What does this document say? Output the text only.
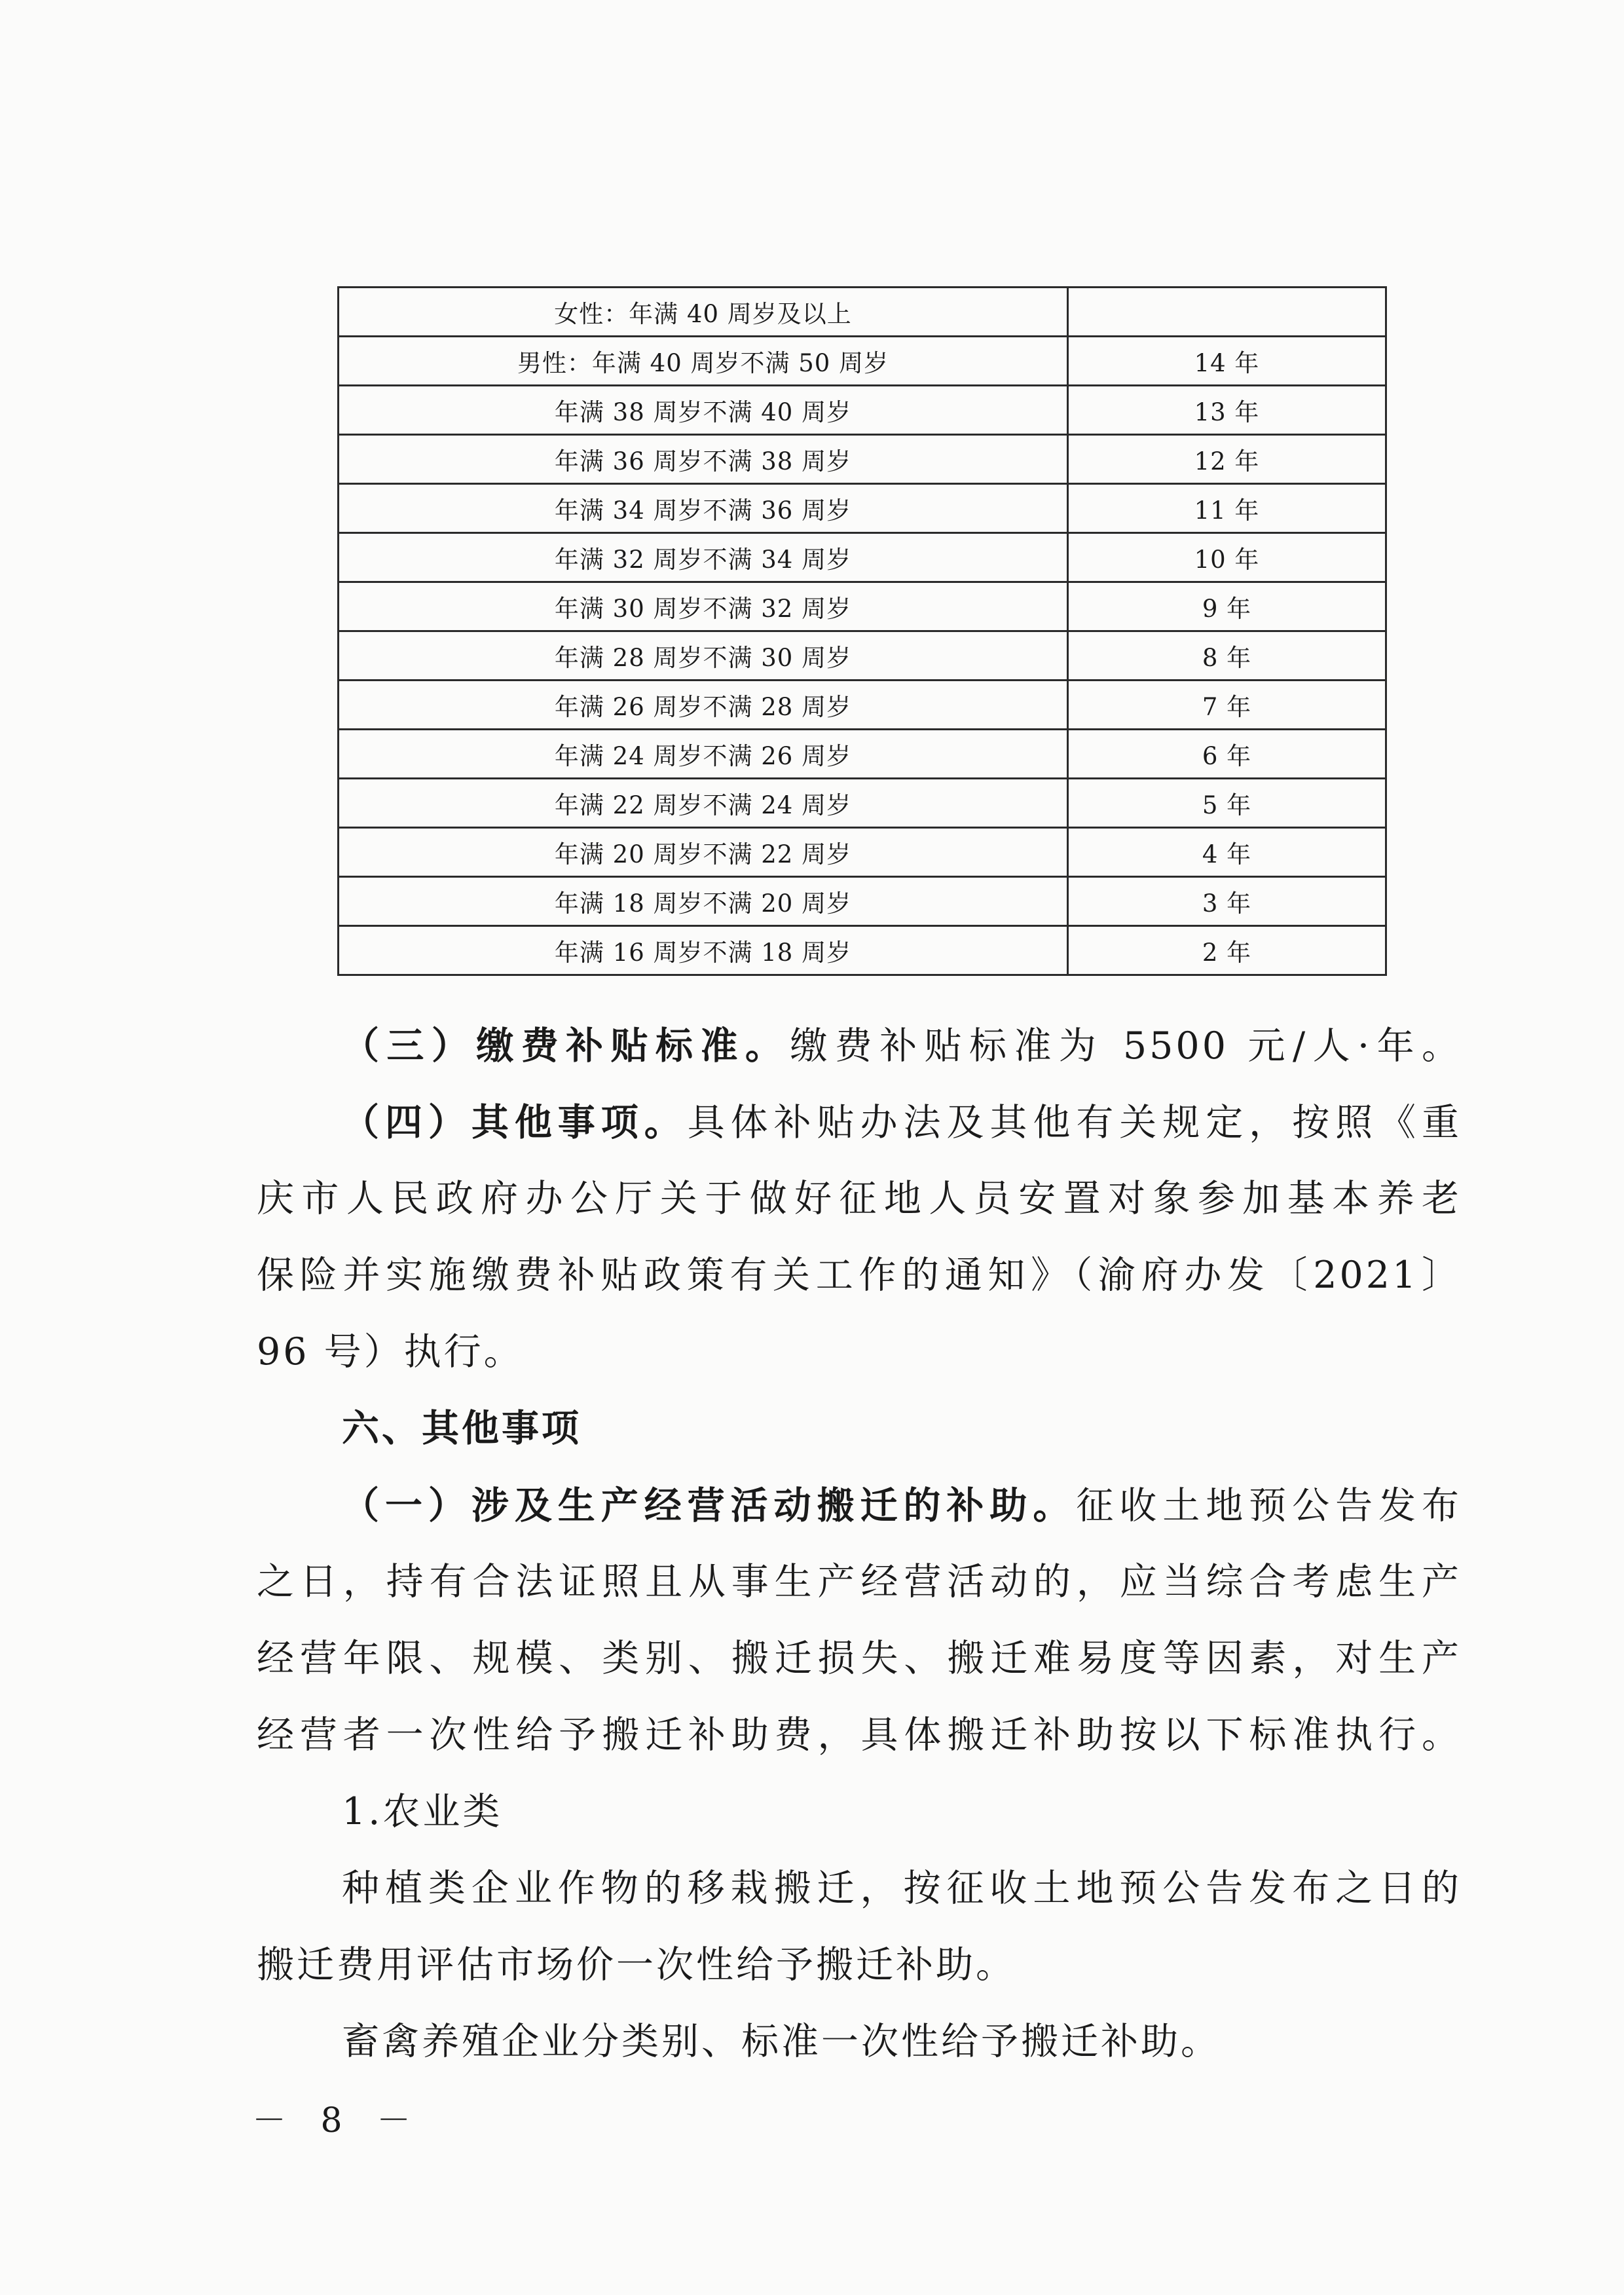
女性：年满 40 周岁及以上	
男性：年满 40 周岁不满 50 周岁	14 年
年满 38 周岁不满 40 周岁	13 年
年满 36 周岁不满 38 周岁	12 年
年满 34 周岁不满 36 周岁	11 年
年满 32 周岁不满 34 周岁	10 年
年满 30 周岁不满 32 周岁	9 年
年满 28 周岁不满 30 周岁	8 年
年满 26 周岁不满 28 周岁	7 年
年满 24 周岁不满 26 周岁	6 年
年满 22 周岁不满 24 周岁	5 年
年满 20 周岁不满 22 周岁	4 年
年满 18 周岁不满 20 周岁	3 年
年满 16 周岁不满 18 周岁	2 年

（三）缴费补贴标准。缴费补贴标准为 5500 元/人·年。

（四）其他事项。具体补贴办法及其他有关规定，按照《重

庆市人民政府办公厅关于做好征地人员安置对象参加基本养老

保险并实施缴费补贴政策有关工作的通知》（渝府办发〔2021〕

96 号）执行。

六、其他事项

（一）涉及生产经营活动搬迁的补助。征收土地预公告发布

之日，持有合法证照且从事生产经营活动的，应当综合考虑生产

经营年限、规模、类别、搬迁损失、搬迁难易度等因素，对生产

经营者一次性给予搬迁补助费，具体搬迁补助按以下标准执行。

1.农业类

种植类企业作物的移栽搬迁，按征收土地预公告发布之日的

搬迁费用评估市场价一次性给予搬迁补助。

畜禽养殖企业分类别、标准一次性给予搬迁补助。

－ 8 －
